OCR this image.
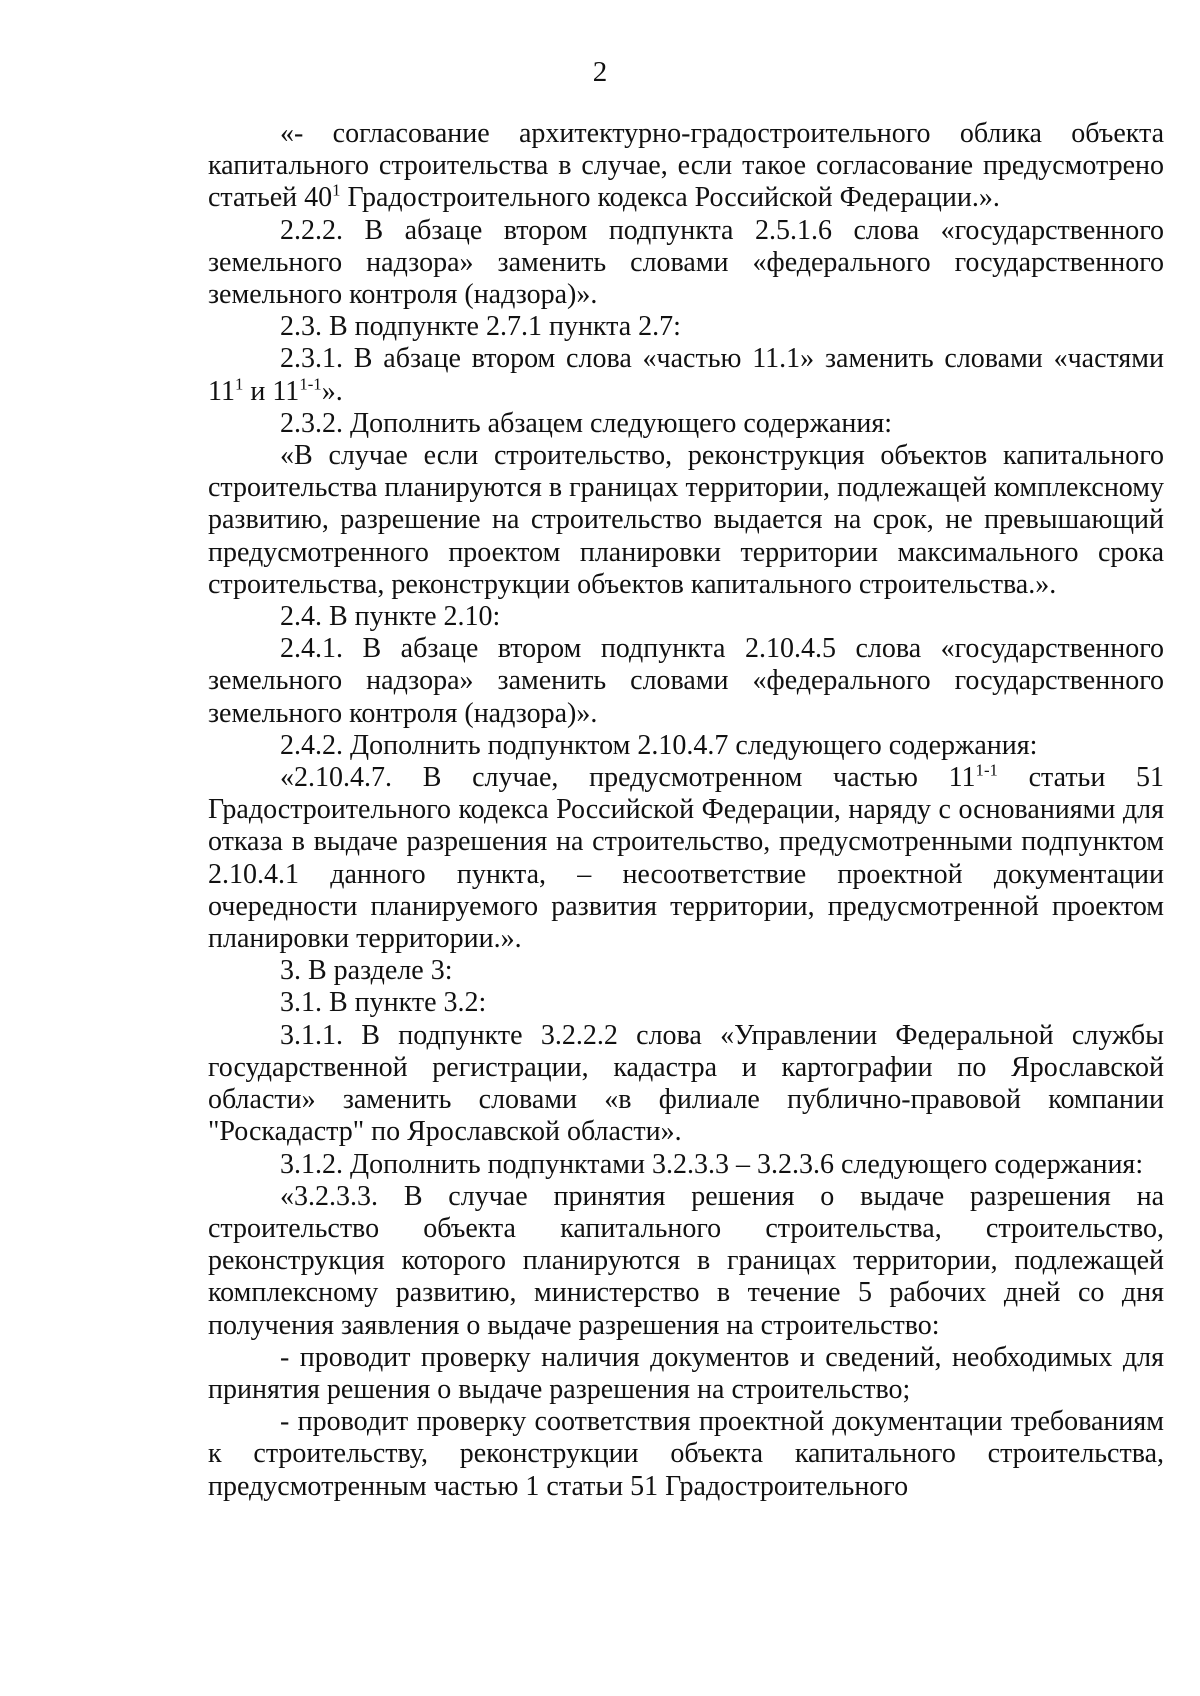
2

«- согласование архитектурно-градостроительного облика объекта капитального строительства в случае, если такое согласование предусмотрено статьей $40^1$ Градостроительного кодекса Российской Федерации.».

2.2.2. В абзаце втором подпункта 2.5.1.6 слова «государственного земельного надзора» заменить словами «федерального государственного земельного контроля (надзора)».

2.3. В подпункте 2.7.1 пункта 2.7:

2.3.1. В абзаце втором слова «частью 11.1» заменить словами «частями $11^1$ и 11$^{1-1}$».

2.3.2. Дополнить абзацем следующего содержания:

«В случае если строительство, реконструкция объектов капитального строительства планируются в границах территории, подлежащей комплексному развитию, разрешение на строительство выдается на срок, не превышающий предусмотренного проектом планировки территории максимального срока строительства, реконструкции объектов капитального строительства.».

2.4. В пункте 2.10:

2.4.1. В абзаце втором подпункта 2.10.4.5 слова «государственного земельного надзора» заменить словами «федерального государственного земельного контроля (надзора)».

2.4.2. Дополнить подпунктом 2.10.4.7 следующего содержания:

«2.10.4.7. В случае, предусмотренном частью 11$^{1-1}$ статьи 51 Градостроительного кодекса Российской Федерации, наряду с основаниями для отказа в выдаче разрешения на строительство, предусмотренными подпунктом 2.10.4.1 данного пункта, – несоответствие проектной документации очередности планируемого развития территории, предусмотренной проектом планировки территории.».

3. В разделе 3:

3.1. В пункте 3.2:

3.1.1. В подпункте 3.2.2.2 слова «Управлении Федеральной службы государственной регистрации, кадастра и картографии по Ярославской области» заменить словами «в филиале публично-правовой компании "Роскадастр" по Ярославской области».

3.1.2. Дополнить подпунктами 3.2.3.3 – 3.2.3.6 следующего содержания:

«3.2.3.3. В случае принятия решения о выдаче разрешения на строительство объекта капитального строительства, строительство, реконструкция которого планируются в границах территории, подлежащей комплексному развитию, министерство в течение 5 рабочих дней со дня получения заявления о выдаче разрешения на строительство:

- проводит проверку наличия документов и сведений, необходимых для принятия решения о выдаче разрешения на строительство;

- проводит проверку соответствия проектной документации требованиям к строительству, реконструкции объекта капитального строительства, предусмотренным частью 1 статьи 51 Градостроительного
